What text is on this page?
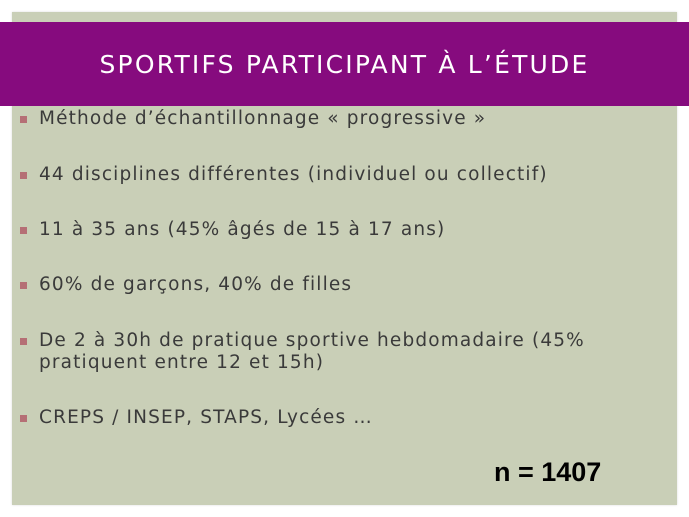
SPORTIFS PARTICIPANT À L’ÉTUDE
Méthode d’échantillonnage « progressive »
44 disciplines différentes (individuel ou collectif)
11 à 35 ans (45% âgés de 15 à 17 ans)
60% de garçons, 40% de filles
De 2 à 30h de pratique sportive hebdomadaire (45%
pratiquent entre 12 et 15h)
CREPS / INSEP, STAPS, Lycées …
n = 1407
